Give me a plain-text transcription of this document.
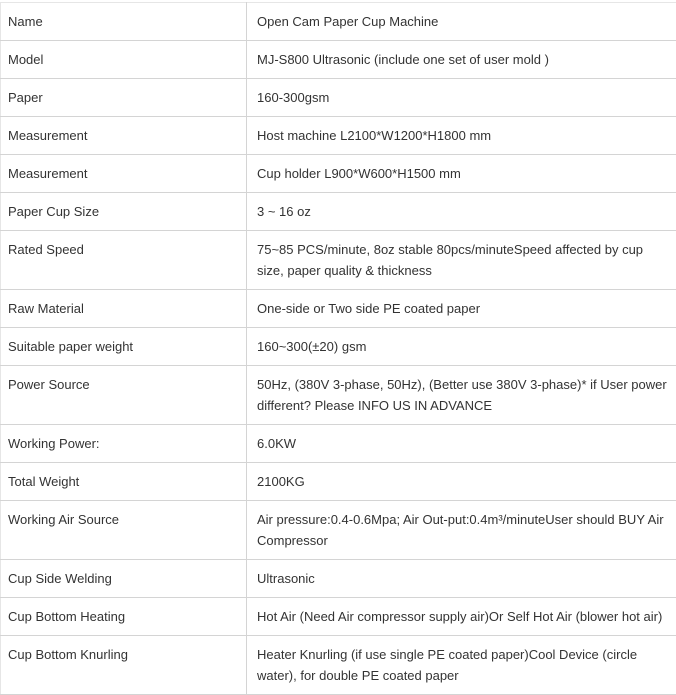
Name	Open Cam Paper Cup Machine
Model	MJ-S800 Ultrasonic (include one set of user mold )
Paper	160-300gsm
Measurement	Host machine L2100*W1200*H1800 mm
Measurement	Cup holder L900*W600*H1500 mm
Paper Cup Size	3 ~ 16 oz
Rated Speed	75~85 PCS/minute, 8oz stable 80pcs/minuteSpeed affected by cup size, paper quality & thickness
Raw Material	One-side or Two side PE coated paper
Suitable paper weight	160~300(±20) gsm
Power Source	50Hz, (380V 3-phase, 50Hz), (Better use 380V 3-phase)* if User power different? Please INFO US IN ADVANCE
Working Power:	6.0KW
Total Weight	2100KG
Working Air Source	Air pressure:0.4-0.6Mpa; Air Out-put:0.4m³/minuteUser should BUY Air Compressor
Cup Side Welding	Ultrasonic
Cup Bottom Heating	Hot Air (Need Air compressor supply air)Or Self Hot Air (blower hot air)
Cup Bottom Knurling	Heater Knurling (if use single PE coated paper)Cool Device (circle water), for double PE coated paper
